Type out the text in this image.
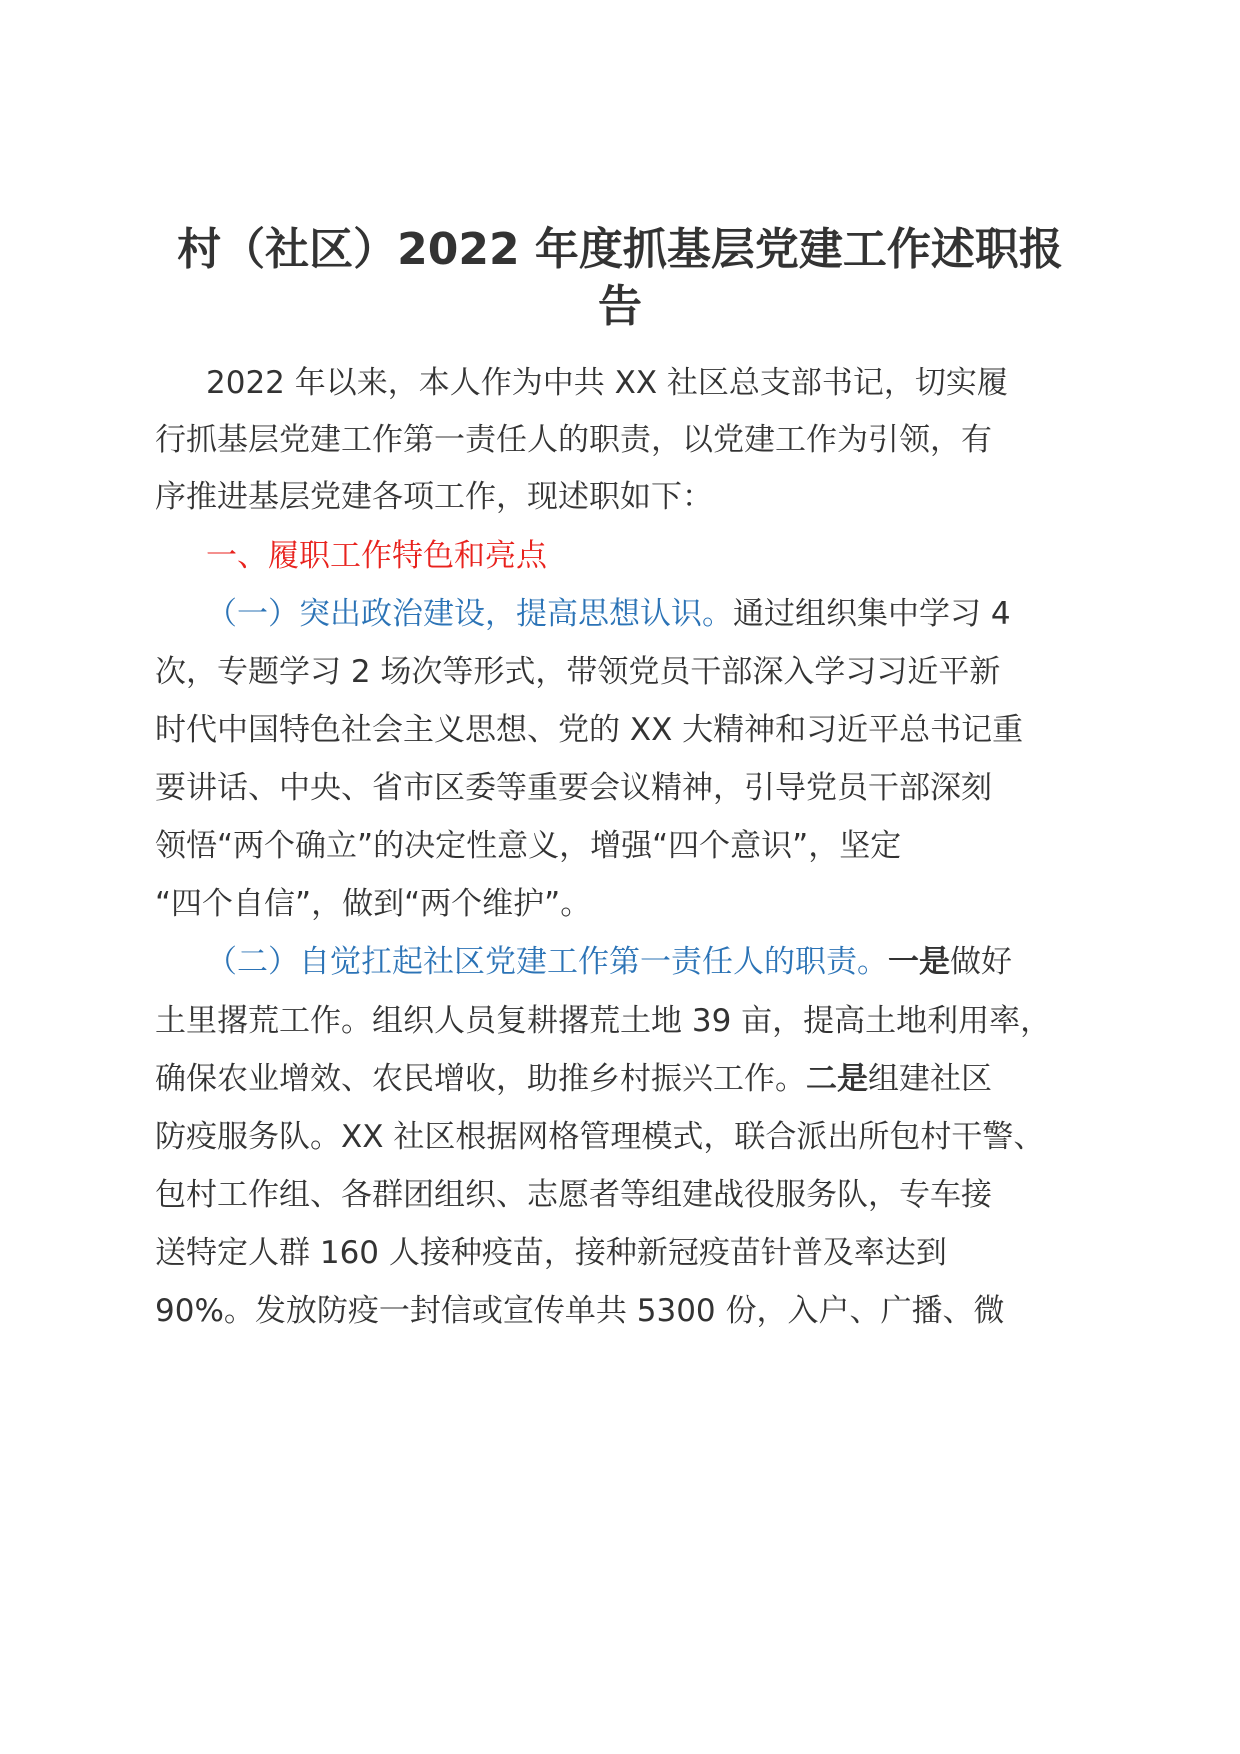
村（社区）2022 年度抓基层党建工作述职报
告
2022 年以来，本人作为中共 XX 社区总支部书记，切实履
行抓基层党建工作第一责任人的职责，以党建工作为引领，有
序推进基层党建各项工作，现述职如下：
一、履职工作特色和亮点
（一）突出政治建设，提高思想认识。通过组织集中学习 4
次，专题学习 2 场次等形式，带领党员干部深入学习习近平新
时代中国特色社会主义思想、党的 XX 大精神和习近平总书记重
要讲话、中央、省市区委等重要会议精神，引导党员干部深刻
领悟“两个确立”的决定性意义，增强“四个意识”，坚定
“四个自信”，做到“两个维护”。
（二）自觉扛起社区党建工作第一责任人的职责。一是做好
土里撂荒工作。组织人员复耕撂荒土地 39 亩，提高土地利用率，
确保农业增效、农民增收，助推乡村振兴工作。二是组建社区
防疫服务队。XX 社区根据网格管理模式，联合派出所包村干警、
包村工作组、各群团组织、志愿者等组建战役服务队，专车接
送特定人群 160 人接种疫苗，接种新冠疫苗针普及率达到
90%。发放防疫一封信或宣传单共 5300 份，入户、广播、微
